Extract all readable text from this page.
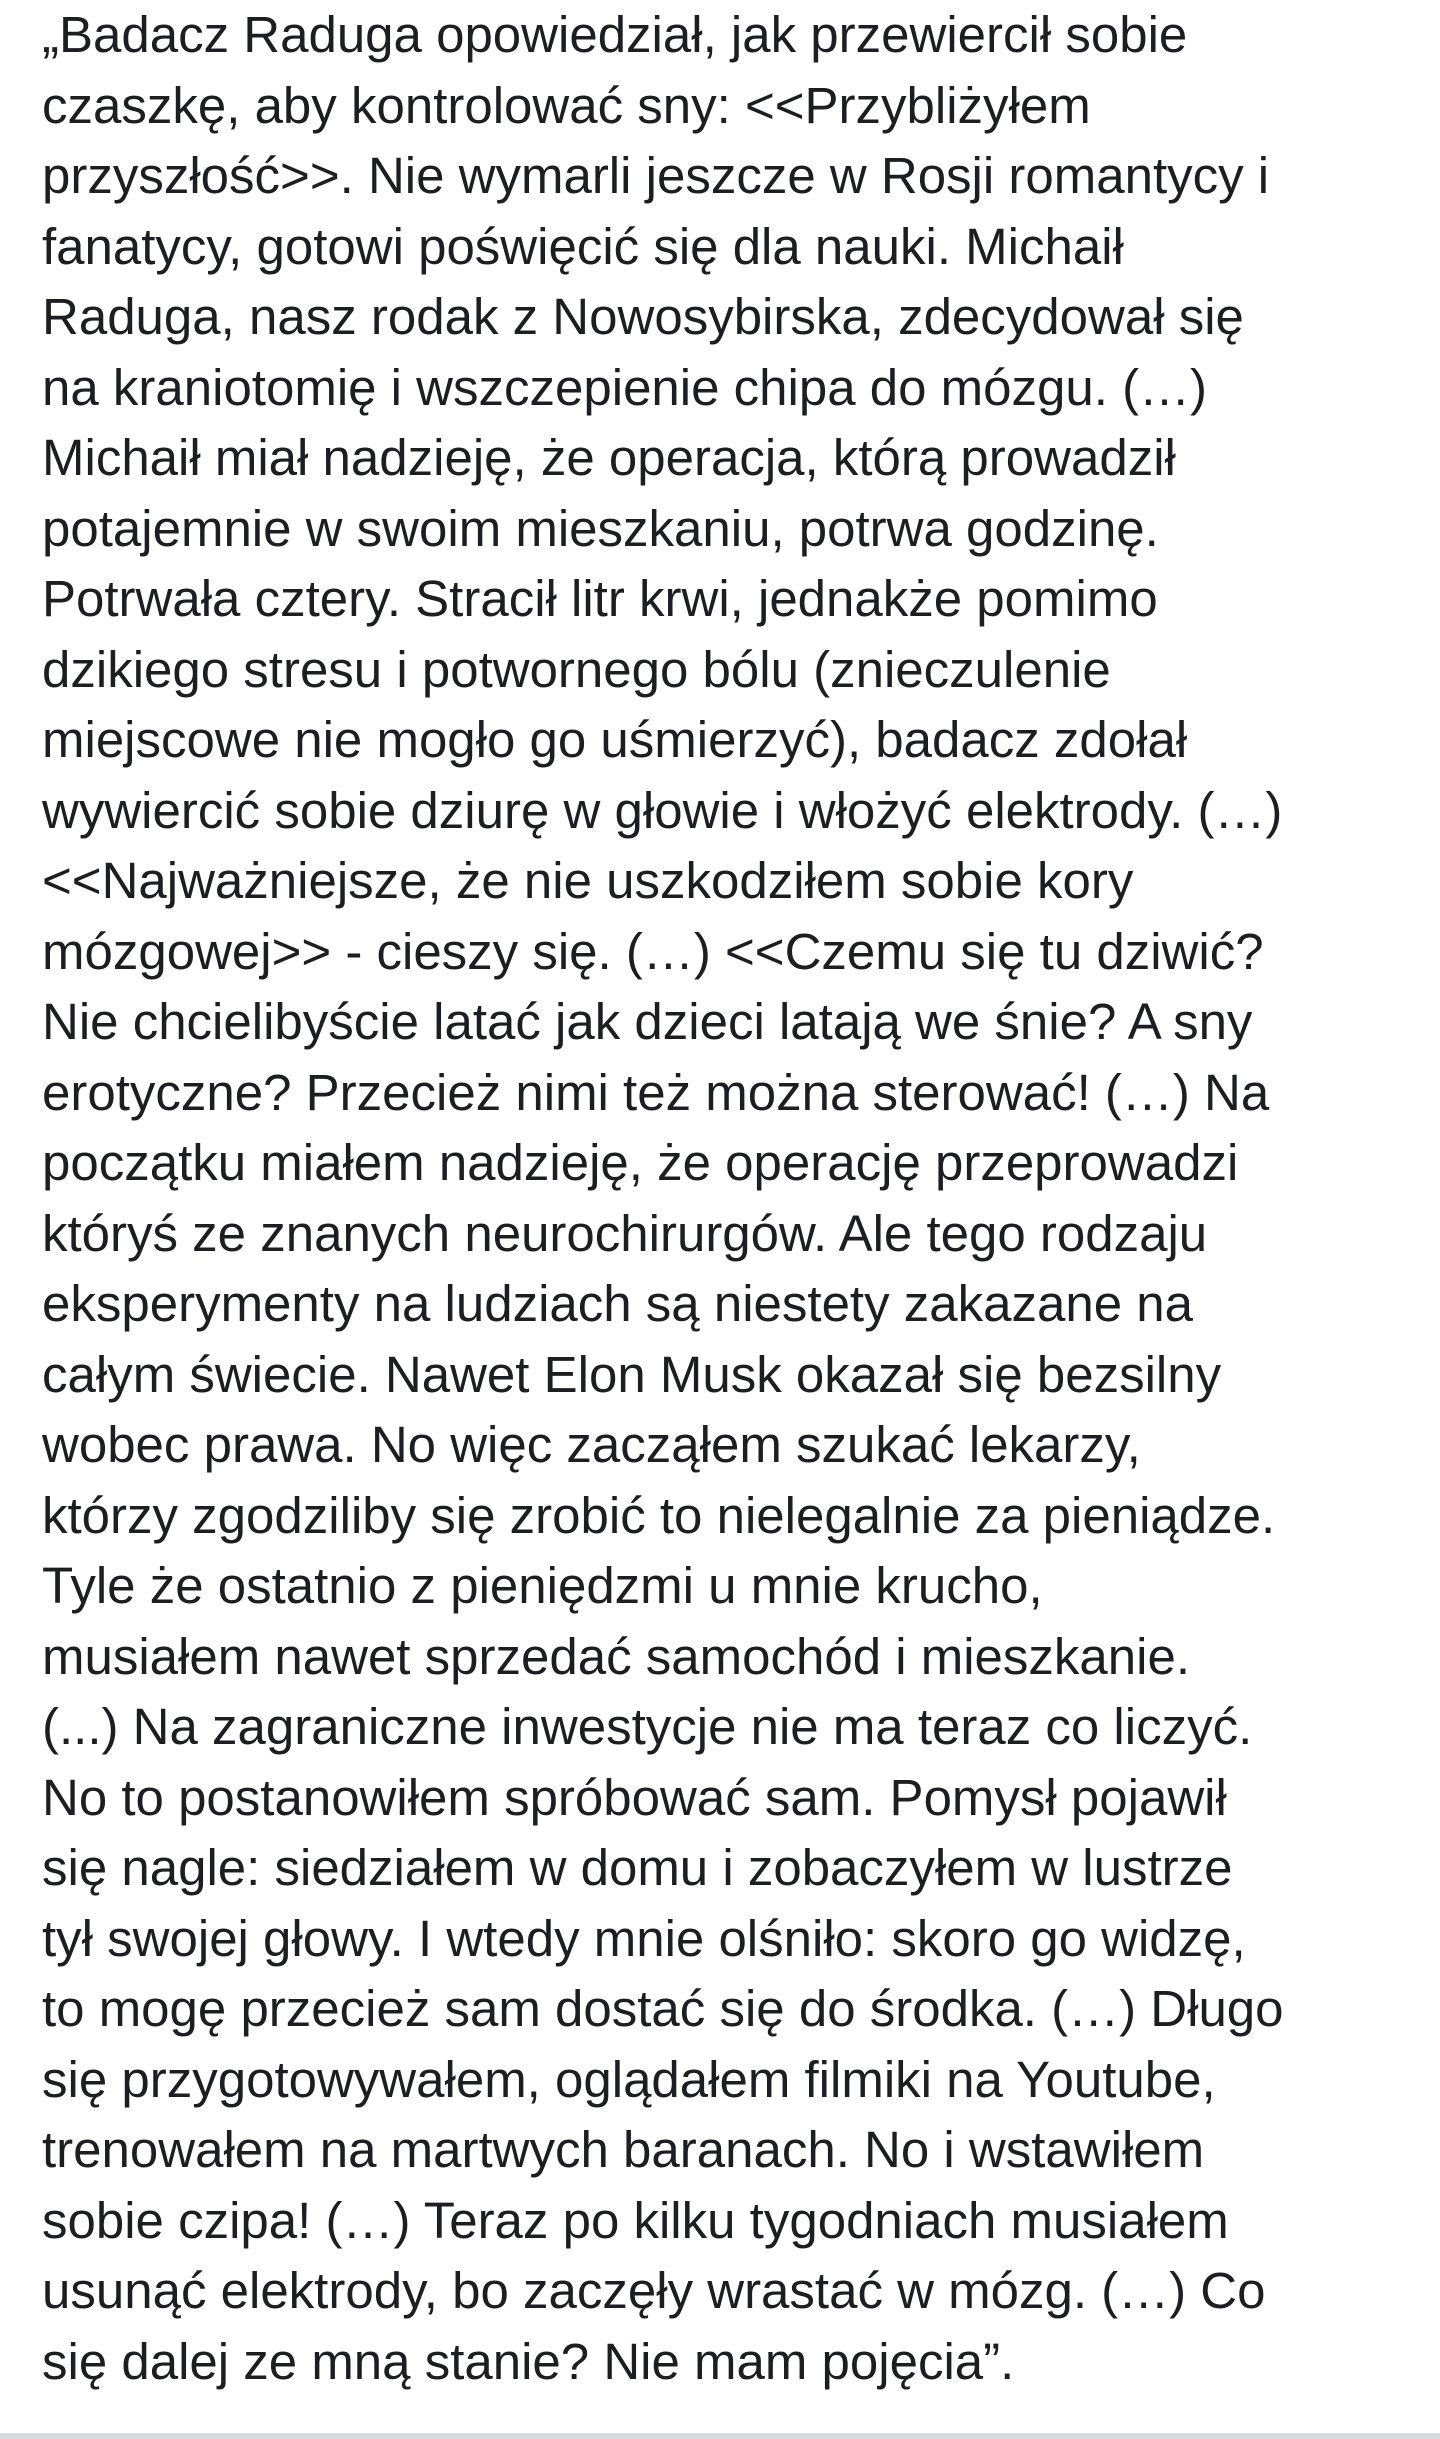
„Badacz Raduga opowiedział, jak przewiercił sobie
czaszkę, aby kontrolować sny: <<Przybliżyłem
przyszłość>>. Nie wymarli jeszcze w Rosji romantycy i
fanatycy, gotowi poświęcić się dla nauki. Michaił
Raduga, nasz rodak z Nowosybirska, zdecydował się
na kraniotomię i wszczepienie chipa do mózgu. (…)
Michaił miał nadzieję, że operacja, którą prowadził
potajemnie w swoim mieszkaniu, potrwa godzinę.
Potrwała cztery. Stracił litr krwi, jednakże pomimo
dzikiego stresu i potwornego bólu (znieczulenie
miejscowe nie mogło go uśmierzyć), badacz zdołał
wywiercić sobie dziurę w głowie i włożyć elektrody. (…)
<<Najważniejsze, że nie uszkodziłem sobie kory
mózgowej>> - cieszy się. (…) <<Czemu się tu dziwić?
Nie chcielibyście latać jak dzieci latają we śnie? A sny
erotyczne? Przecież nimi też można sterować! (…) Na
początku miałem nadzieję, że operację przeprowadzi
któryś ze znanych neurochirurgów. Ale tego rodzaju
eksperymenty na ludziach są niestety zakazane na
całym świecie. Nawet Elon Musk okazał się bezsilny
wobec prawa. No więc zacząłem szukać lekarzy,
którzy zgodziliby się zrobić to nielegalnie za pieniądze.
Tyle że ostatnio z pieniędzmi u mnie krucho,
musiałem nawet sprzedać samochód i mieszkanie.
(...) Na zagraniczne inwestycje nie ma teraz co liczyć.
No to postanowiłem spróbować sam. Pomysł pojawił
się nagle: siedziałem w domu i zobaczyłem w lustrze
tył swojej głowy. I wtedy mnie olśniło: skoro go widzę,
to mogę przecież sam dostać się do środka. (…) Długo
się przygotowywałem, oglądałem filmiki na Youtube,
trenowałem na martwych baranach. No i wstawiłem
sobie czipa! (…) Teraz po kilku tygodniach musiałem
usunąć elektrody, bo zaczęły wrastać w mózg. (…) Co
się dalej ze mną stanie? Nie mam pojęcia”.
